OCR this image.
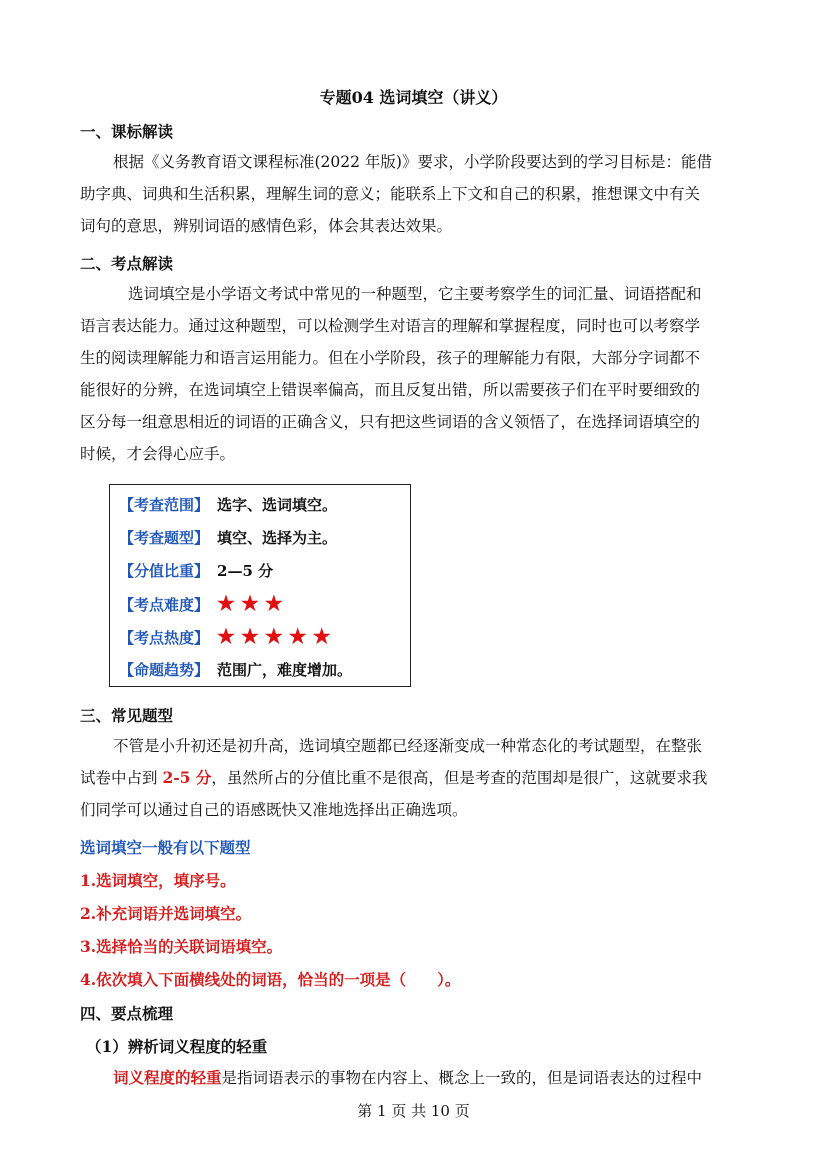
专题04 选词填空（讲义）
一、课标解读
根据《义务教育语文课程标准(2022 年版)》要求，小学阶段要达到的学习目标是：能借
助字典、词典和生活积累，理解生词的意义；能联系上下文和自己的积累，推想课文中有关
词句的意思，辨别词语的感情色彩，体会其表达效果。
二、考点解读
选词填空是小学语文考试中常见的一种题型，它主要考察学生的词汇量、词语搭配和
语言表达能力。通过这种题型，可以检测学生对语言的理解和掌握程度，同时也可以考察学
生的阅读理解能力和语言运用能力。但在小学阶段，孩子的理解能力有限，大部分字词都不
能很好的分辨，在选词填空上错误率偏高，而且反复出错，所以需要孩子们在平时要细致的
区分每一组意思相近的词语的正确含义，只有把这些词语的含义领悟了，在选择词语填空的
时候，才会得心应手。
【考查范围】 选字、选词填空。
【考查题型】 填空、选择为主。
【分值比重】 2—5 分
【考点难度】 ★★★
【考点热度】 ★★★★★
【命题趋势】 范围广，难度增加。
三、常见题型
不管是小升初还是初升高，选词填空题都已经逐渐变成一种常态化的考试题型，在整张
试卷中占到 2-5 分，虽然所占的分值比重不是很高，但是考查的范围却是很广，这就要求我
们同学可以通过自己的语感既快又准地选择出正确选项。
选词填空一般有以下题型
1.选词填空，填序号。
2.补充词语并选词填空。
3.选择恰当的关联词语填空。
4.依次填入下面横线处的词语，恰当的一项是（　　）。
四、要点梳理
（1）辨析词义程度的轻重
词义程度的轻重是指词语表示的事物在内容上、概念上一致的，但是词语表达的过程中
第 1 页 共 10 页
